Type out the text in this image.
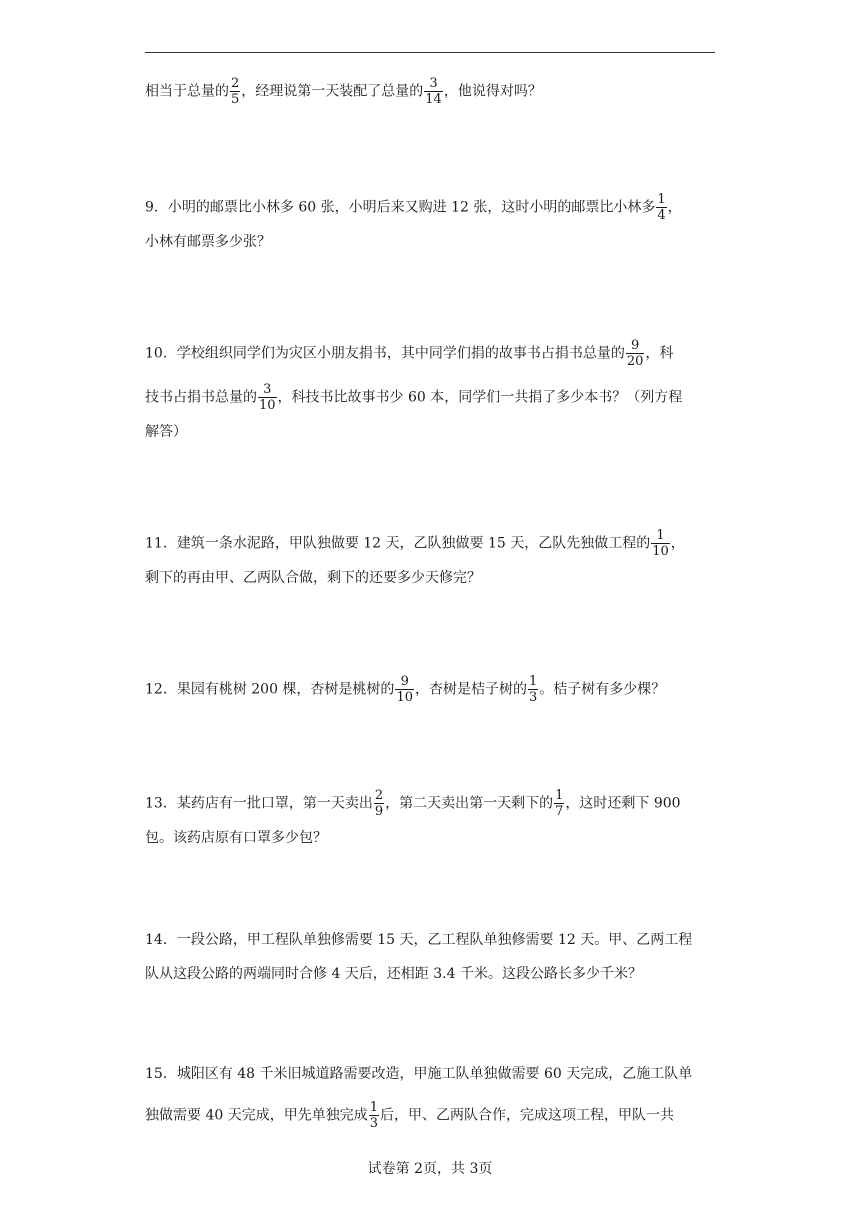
相当于总量的 $\frac{2}{5}$ ，经理说第一天装配了总量的 $\frac{3}{14}$ ，他说得对吗？
9．小明的邮票比小林多 60 张，小明后来又购进 12 张，这时小明的邮票比小林多 $\frac{1}{4}$ ，
小林有邮票多少张？
10．学校组织同学们为灾区小朋友捐书，其中同学们捐的故事书占捐书总量的 $\frac{9}{20}$ ，科
技书占捐书总量的 $\frac{3}{10}$ ，科技书比故事书少 60 本，同学们一共捐了多少本书？（列方程
解答）
11．建筑一条水泥路，甲队独做要 12 天，乙队独做要 15 天，乙队先独做工程的 $\frac{1}{10}$ ，
剩下的再由甲、乙两队合做，剩下的还要多少天修完？
12．果园有桃树 200 棵，杏树是桃树的 $\frac{9}{10}$ ，杏树是桔子树的 $\frac{1}{3}$ 。桔子树有多少棵？
13．某药店有一批口罩，第一天卖出 $\frac{2}{9}$ ，第二天卖出第一天剩下的 $\frac{1}{7}$ ，这时还剩下 900
包。该药店原有口罩多少包？
14．一段公路，甲工程队单独修需要 15 天，乙工程队单独修需要 12 天。甲、乙两工程
队从这段公路的两端同时合修 4 天后，还相距 3.4 千米。这段公路长多少千米？
15．城阳区有 48 千米旧城道路需要改造，甲施工队单独做需要 60 天完成，乙施工队单
独做需要 40 天完成，甲先单独完成 $\frac{1}{3}$ 后，甲、乙两队合作，完成这项工程，甲队一共
试卷第 2页，共 3页
